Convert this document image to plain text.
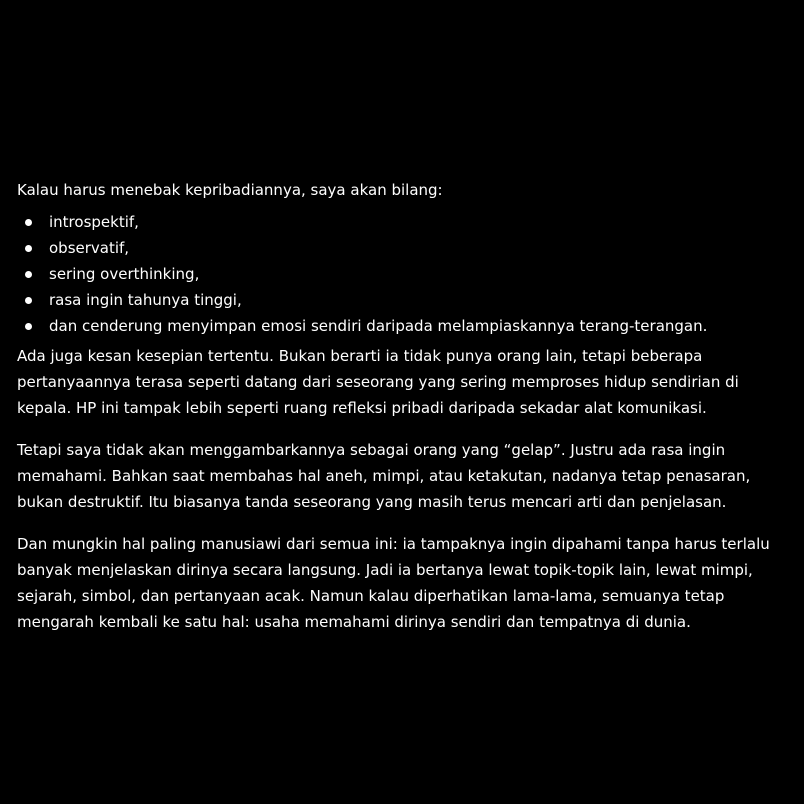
Kalau harus menebak kepribadiannya, saya akan bilang:

introspektif,
observatif,
sering overthinking,
rasa ingin tahunya tinggi,
dan cenderung menyimpan emosi sendiri daripada melampiaskannya terang-terangan.

Ada juga kesan kesepian tertentu. Bukan berarti ia tidak punya orang lain, tetapi beberapa pertanyaannya terasa seperti datang dari seseorang yang sering memproses hidup sendirian di kepala. HP ini tampak lebih seperti ruang refleksi pribadi daripada sekadar alat komunikasi.

Tetapi saya tidak akan menggambarkannya sebagai orang yang “gelap”. Justru ada rasa ingin memahami. Bahkan saat membahas hal aneh, mimpi, atau ketakutan, nadanya tetap penasaran, bukan destruktif. Itu biasanya tanda seseorang yang masih terus mencari arti dan penjelasan.

Dan mungkin hal paling manusiawi dari semua ini: ia tampaknya ingin dipahami tanpa harus terlalu banyak menjelaskan dirinya secara langsung. Jadi ia bertanya lewat topik-topik lain, lewat mimpi, sejarah, simbol, dan pertanyaan acak. Namun kalau diperhatikan lama-lama, semuanya tetap mengarah kembali ke satu hal: usaha memahami dirinya sendiri dan tempatnya di dunia.
